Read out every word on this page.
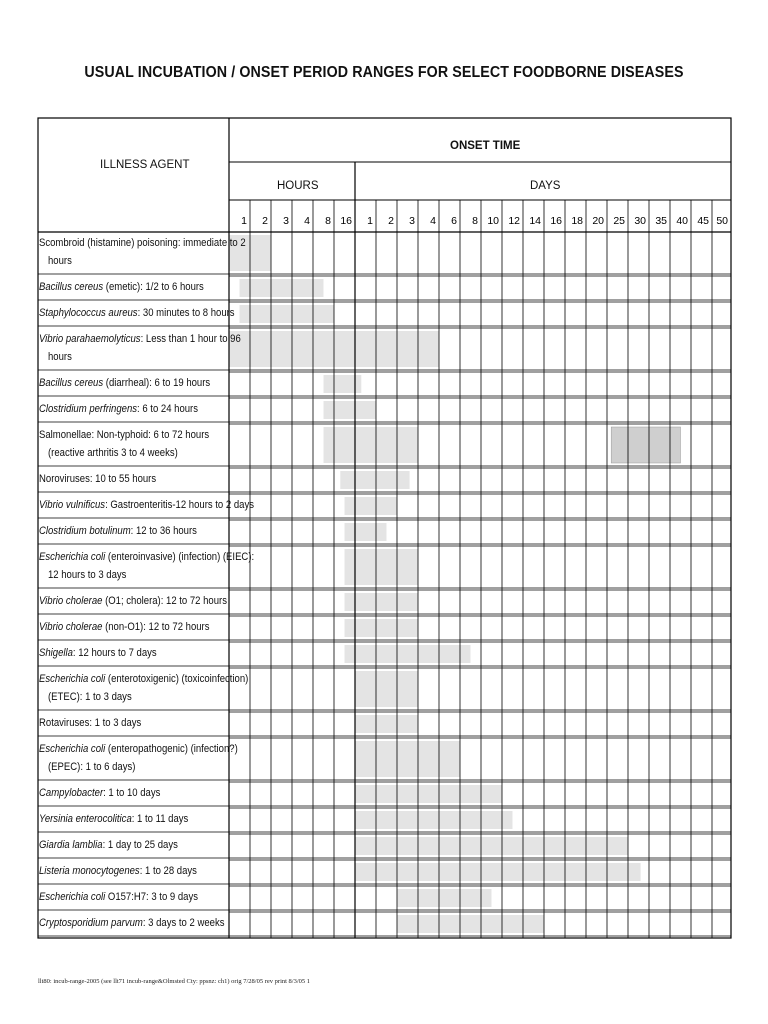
USUAL INCUBATION / ONSET PERIOD RANGES FOR SELECT FOODBORNE DISEASES
1 2 3 4 8 16 1 2 3 4 6 8 10 12 14 16 18 20 25 30 35 40 45 50
ILLNESS AGENT
ONSET TIME
HOURS	DAYS
Scombroid (histamine) poisoning: immediate to 2
hours
Bacillus cereus (emetic): 1/2 to 6 hours
Staphylococcus aureus: 30 minutes to 8 hours
Vibrio parahaemolyticus: Less than 1 hour to 96
hours
Bacillus cereus (diarrheal): 6 to 19 hours
Clostridium perfringens: 6 to 24 hours
Salmonellae: Non-typhoid: 6 to 72 hours
(reactive arthritis 3 to 4 weeks)
Noroviruses: 10 to 55 hours
Vibrio vulnificus: Gastroenteritis-12 hours to 2 days
Clostridium botulinum: 12 to 36 hours
Escherichia coli (enteroinvasive) (infection) (EIEC):
12 hours to 3 days
Vibrio cholerae (O1; cholera): 12 to 72 hours
Vibrio cholerae (non-O1): 12 to 72 hours
Shigella: 12 hours to 7 days
Escherichia coli (enterotoxigenic) (toxicoinfection)
(ETEC): 1 to 3 days
Rotaviruses: 1 to 3 days
Escherichia coli (enteropathogenic) (infection?)
(EPEC): 1 to 6 days)
Campylobacter: 1 to 10 days
Yersinia enterocolitica: 1 to 11 days
Giardia lamblia: 1 day to 25 days
Listeria monocytogenes: 1 to 28 days
Escherichia coli O157:H7: 3 to 9 days
Cryptosporidium parvum: 3 days to 2 weeks
llt80: incub-range-2005 (see llt71 incub-range&Olmsted Cty: ppsnz: ch1) orig 7/28/05 rev print 8/3/05 1
